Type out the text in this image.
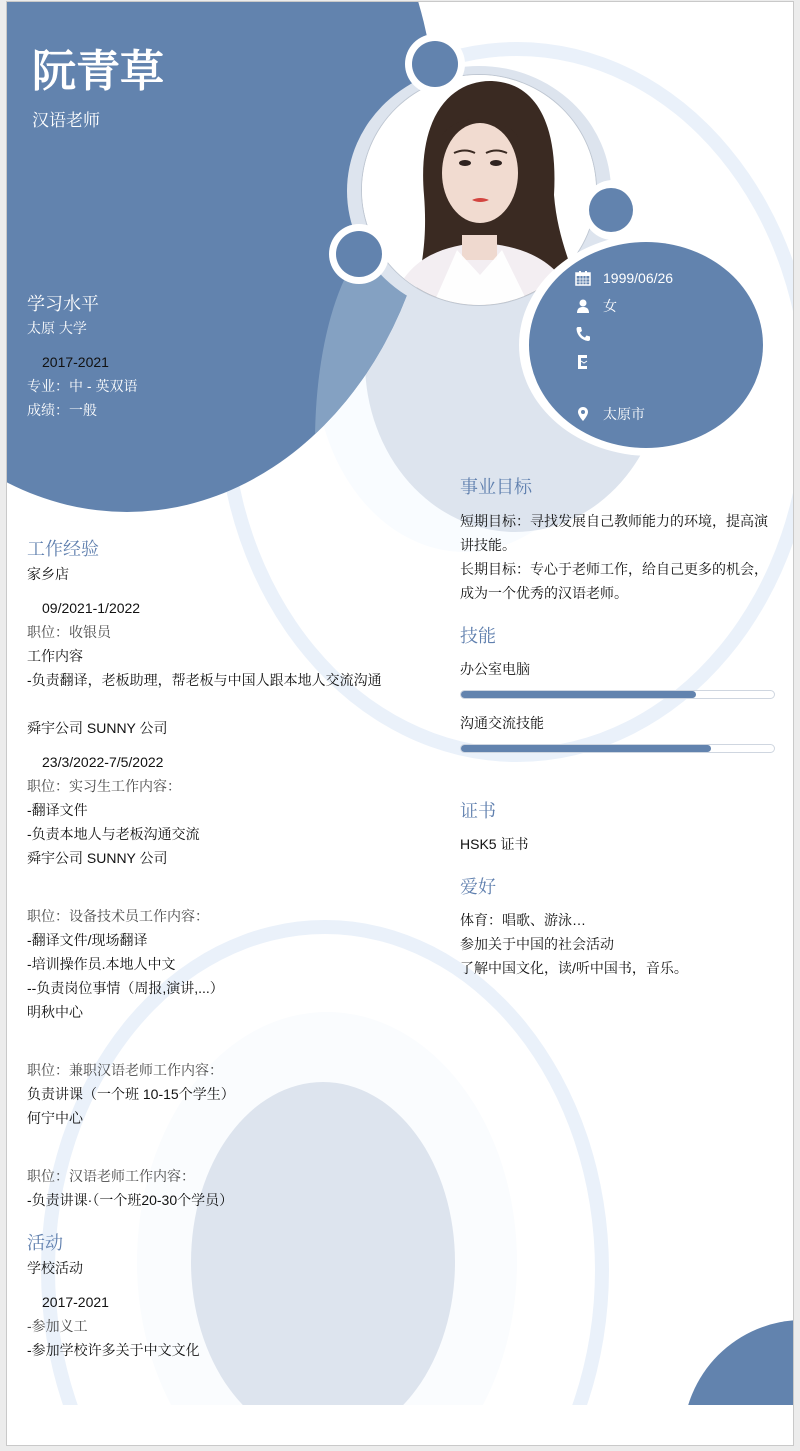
1999/06/26
女
太原市
阮青草
汉语老师
学习水平
太原 大学
2017-2021
专业：中 - 英双语
成绩：一般
工作经验
家乡店
09/2021-1/2022
职位：收银员
工作内容
-负责翻译，老板助理，帮老板与中国人跟本地人交流沟通
舜宇公司 SUNNY 公司
23/3/2022-7/5/2022
职位：实习生工作内容：
-翻译文件
-负责本地人与老板沟通交流
舜宇公司 SUNNY 公司
职位：设备技术员工作内容：
-翻译文件/现场翻译
-培训操作员.本地人中文
--负责岗位事情（周报,演讲,...）
明秋中心
职位：兼职汉语老师工作内容：
负责讲课（一个班 10-15个学生）
何宁中心
职位：汉语老师工作内容：
-负责讲课·（一个班20-30个学员）
活动
学校活动
2017-2021
-参加义工
-参加学校许多关于中文文化
事业目标
短期目标：寻找发展自己教师能力的环境，提高演
讲技能。
长期目标：专心于老师工作，给自己更多的机会，
成为一个优秀的汉语老师。
技能
办公室电脑
沟通交流技能
证书
HSK5 证书
爱好
体育：唱歌、游泳…
参加关于中国的社会活动
了解中国文化，读/听中国书，音乐。
